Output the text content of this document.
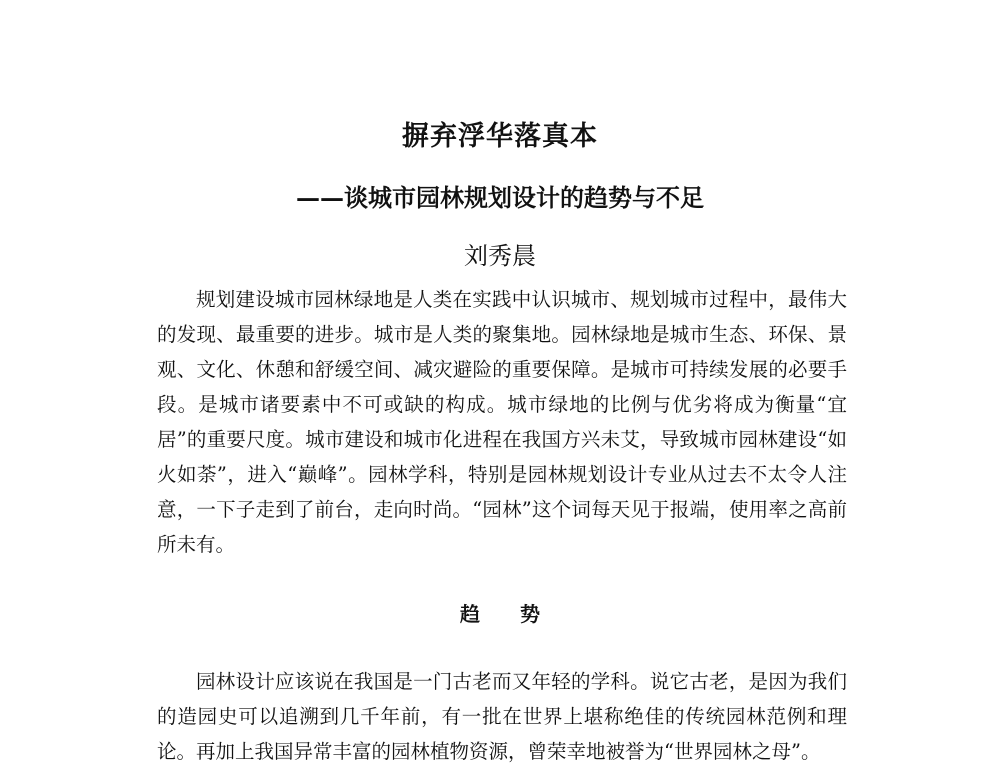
摒弃浮华落真本
——谈城市园林规划设计的趋势与不足
刘秀晨

规划建设城市园林绿地是人类在实践中认识城市、规划城市过程中，最伟大的发现、最重要的进步。城市是人类的聚集地。园林绿地是城市生态、环保、景观、文化、休憩和舒缓空间、减灾避险的重要保障。是城市可持续发展的必要手段。是城市诸要素中不可或缺的构成。城市绿地的比例与优劣将成为衡量“宜居”的重要尺度。城市建设和城市化进程在我国方兴未艾，导致城市园林建设“如火如荼”，进入“巅峰”。园林学科，特别是园林规划设计专业从过去不太令人注意，一下子走到了前台，走向时尚。“园林”这个词每天见于报端，使用率之高前所未有。

趋势

园林设计应该说在我国是一门古老而又年轻的学科。说它古老，是因为我们的造园史可以追溯到几千年前，有一批在世界上堪称绝佳的传统园林范例和理论。再加上我国异常丰富的园林植物资源，曾荣幸地被誉为“世界园林之母”。
